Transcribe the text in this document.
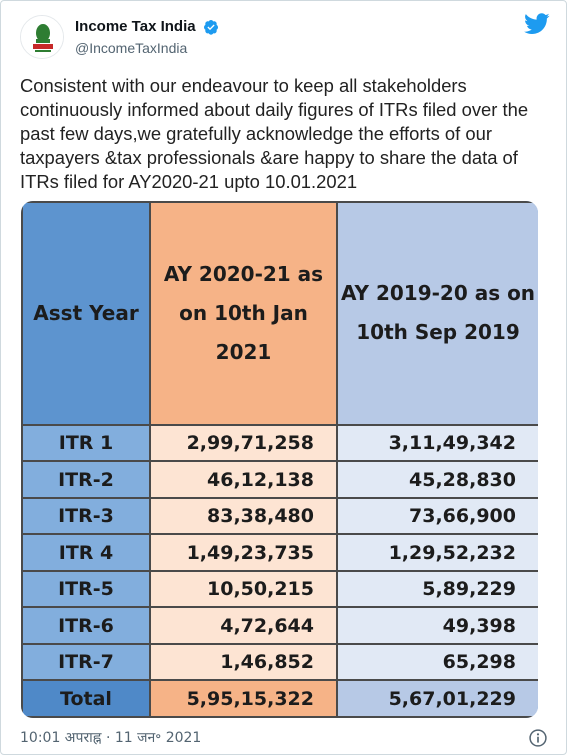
Income Tax India
@IncomeTaxIndia
Consistent with our endeavour to keep all stakeholders continuously informed about daily figures of ITRs filed over the past few days,we gratefully acknowledge the efforts of our taxpayers &tax professionals &are happy to share the data of ITRs filed for AY2020-21 upto 10.01.2021
Asst Year	AY 2020-21 as on 10th Jan 2021	AY 2019-20 as on 10th Sep 2019
ITR 1	2,99,71,258	3,11,49,342
ITR-2	46,12,138	45,28,830
ITR-3	83,38,480	73,66,900
ITR 4	1,49,23,735	1,29,52,232
ITR-5	10,50,215	5,89,229
ITR-6	4,72,644	49,398
ITR-7	1,46,852	65,298
Total	5,95,15,322	5,67,01,229
10:01 अपराह्न · 11 जन॰ 2021
